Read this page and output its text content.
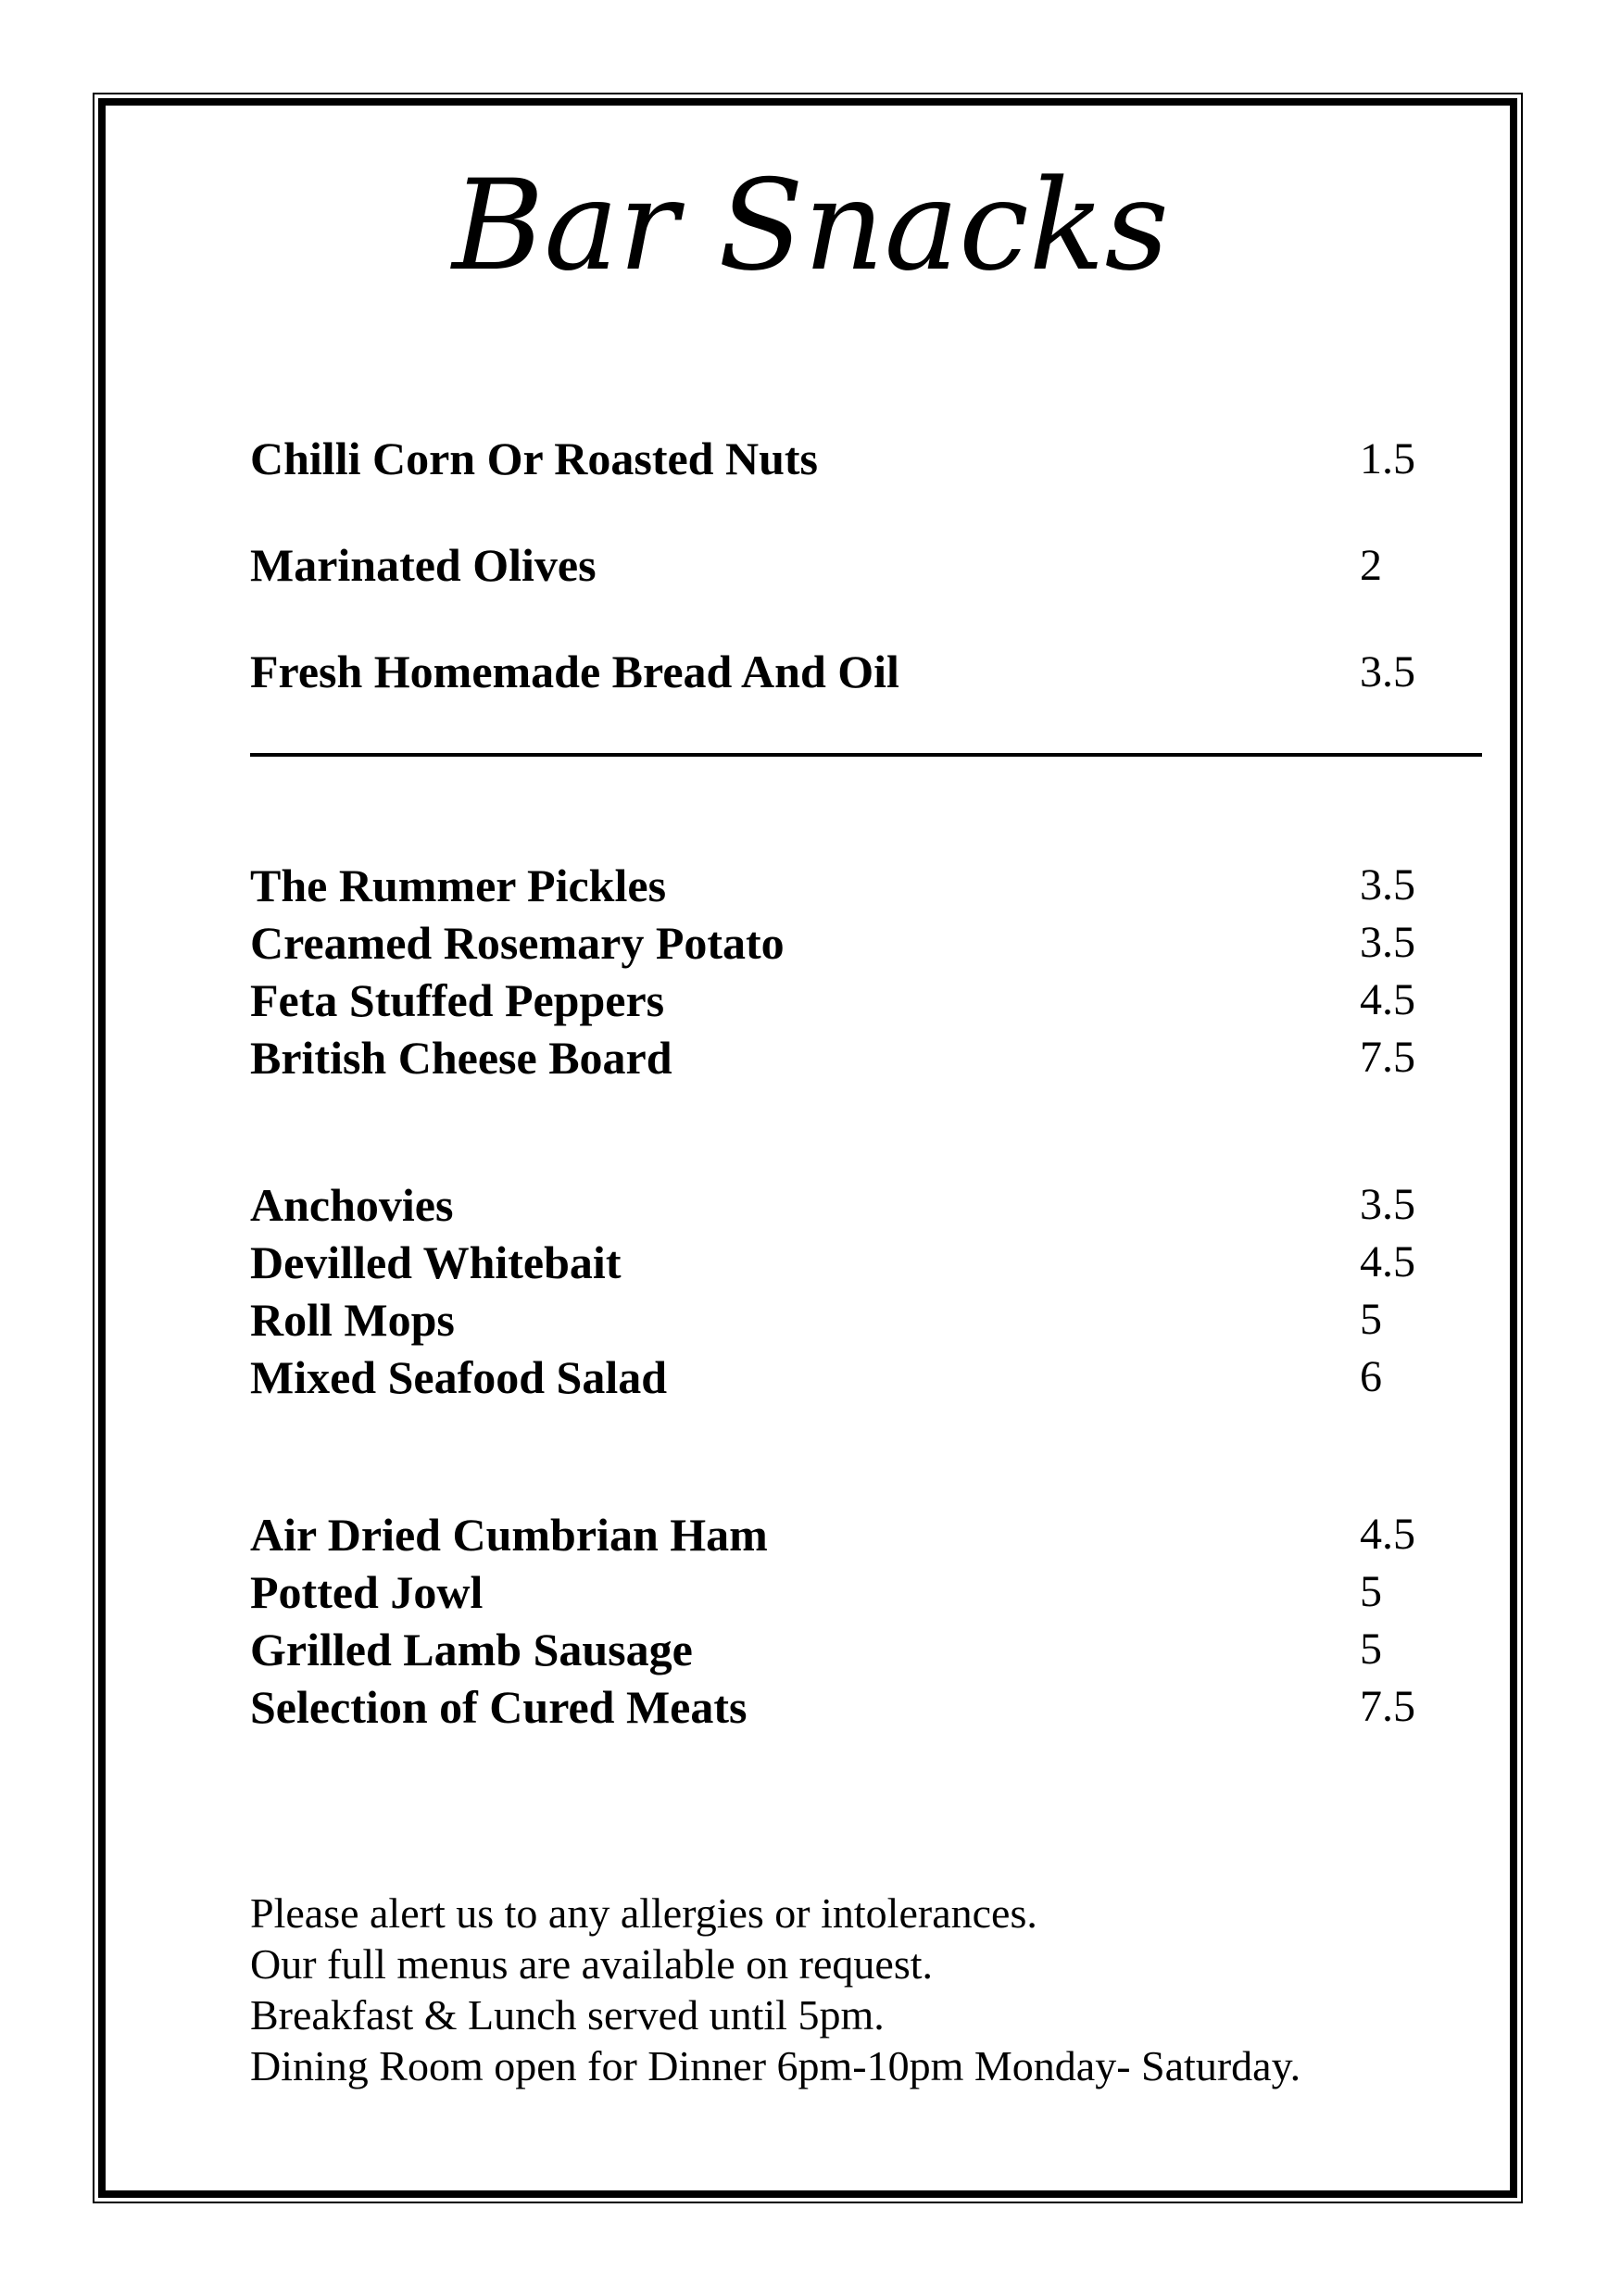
Bar Snacks
Chilli Corn Or Roasted Nuts	1.5
Marinated Olives	2
Fresh Homemade Bread And Oil	3.5
The Rummer Pickles	3.5
Creamed Rosemary Potato	3.5
Feta Stuffed Peppers	4.5
British Cheese Board	7.5
Anchovies	3.5
Devilled Whitebait	4.5
Roll Mops	5
Mixed Seafood Salad	6
Air Dried Cumbrian Ham	4.5
Potted Jowl	5
Grilled Lamb Sausage	5
Selection of Cured Meats	7.5
Please alert us to any allergies or intolerances.
Our full menus are available on request.
Breakfast & Lunch served until 5pm.
Dining Room open for Dinner 6pm-10pm Monday- Saturday.
